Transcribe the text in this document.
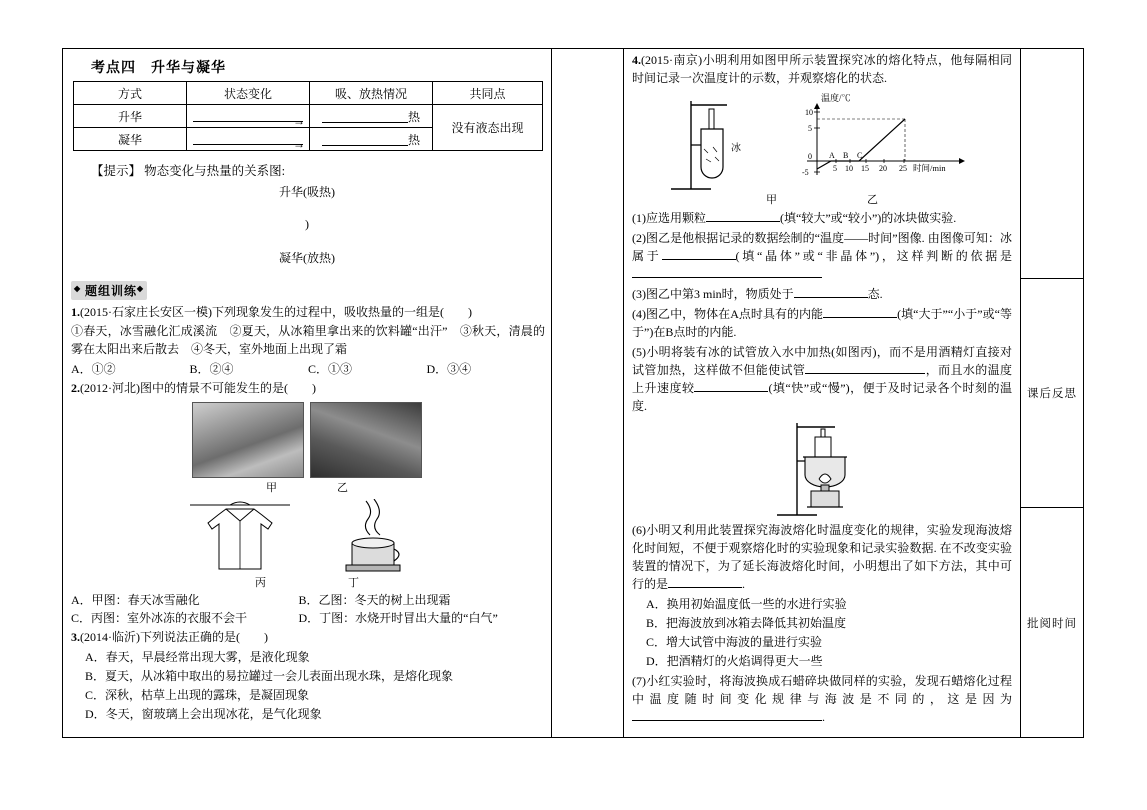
考点四　升华与凝华
方式	状态变化	吸、放热情况	共同点
升华	→	热	没有液态出现
凝华	→	热	
【提示】 物态变化与热量的关系图:
升华(吸热)
)
凝华(放热)
◆ 题组训练 ◆
1.(2015·石家庄长安区一模)下列现象发生的过程中，吸收热量的一组是(　　)
①春天，冰雪融化汇成溪流　②夏天，从冰箱里拿出来的饮料罐“出汗”　③秋天，清晨的雾在太阳出来后散去　④冬天，室外地面上出现了霜
A．①②	B．②④	C．①③	D．③④
2.(2012·河北)图中的情景不可能发生的是(　　)
甲	乙
丙	丁
A．甲图：春天冰雪融化	B．乙图：冬天的树上出现霜
C．丙图：室外冰冻的衣服不会干	D．丁图：水烧开时冒出大量的“白气”
3.(2014·临沂)下列说法正确的是(　　)
A．春天，早晨经常出现大雾，是液化现象
B．夏天，从冰箱中取出的易拉罐过一会儿表面出现水珠，是熔化现象
C．深秋，枯草上出现的露珠，是凝固现象
D．冬天，窗玻璃上会出现冰花，是气化现象
4.(2015·南京)小明利用如图甲所示装置探究冰的熔化特点，他每隔相同时间记录一次温度计的示数，并观察熔化的状态.
冰
温度/℃
10
5
0
-5	5 10 15 20 25 时间/min
A B C
甲	乙
(1)应选用颗粒	(填“较大”或“较小”)的冰块做实验.
(2)图乙是他根据记录的数据绘制的“温度——时间”图像. 由图像可知：冰属于	(填“晶体”或“非晶体”)，这样判断的依据是
(3)图乙中第3 min时，物质处于	态.
(4)图乙中，物体在A点时具有的内能	(填“大于”“小于”或“等于”)在B点时的内能.
(5)小明将装有冰的试管放入水中加热(如图丙)，而不是用酒精灯直接对试管加热，这样做不但能使试管	，而且水的温度上升速度较	(填“快”或“慢”)，便于及时记录各个时刻的温度.
(6)小明又利用此装置探究海波熔化时温度变化的规律，实验发现海波熔化时间短，不便于观察熔化时的实验现象和记录实验数据. 在不改变实验装置的情况下，为了延长海波熔化时间，小明想出了如下方法，其中可行的是	.
A．换用初始温度低一些的水进行实验
B．把海波放到冰箱去降低其初始温度
C．增大试管中海波的量进行实验
D．把酒精灯的火焰调得更大一些
(7)小红实验时，将海波换成石蜡碎块做同样的实验，发现石蜡熔化过程中温度随时间变化规律与海波是不同的，这是因为.
课后反思
批阅时间
